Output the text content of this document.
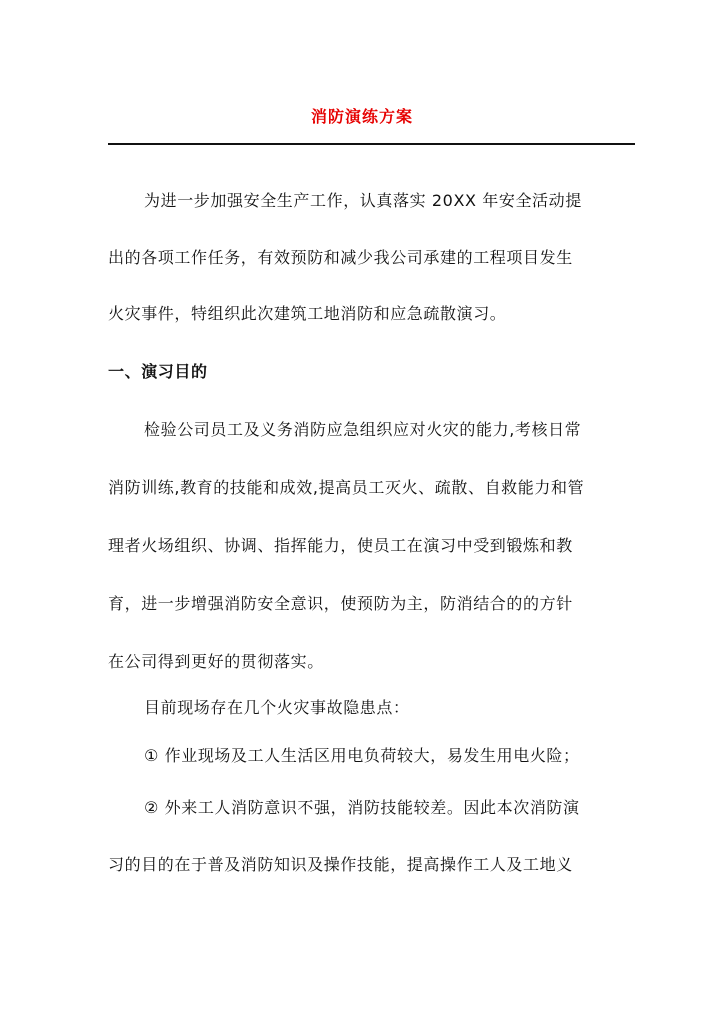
消防演练方案
为进一步加强安全生产工作，认真落实 20XX 年安全活动提
出的各项工作任务，有效预防和减少我公司承建的工程项目发生
火灾事件，特组织此次建筑工地消防和应急疏散演习。
一、演习目的
检验公司员工及义务消防应急组织应对火灾的能力,考核日常
消防训练,教育的技能和成效,提高员工灭火、疏散、自救能力和管
理者火场组织、协调、指挥能力，使员工在演习中受到锻炼和教
育，进一步增强消防安全意识，使预防为主，防消结合的的方针
在公司得到更好的贯彻落实。
目前现场存在几个火灾事故隐患点：
① 作业现场及工人生活区用电负荷较大，易发生用电火险；
② 外来工人消防意识不强，消防技能较差。因此本次消防演
习的目的在于普及消防知识及操作技能，提高操作工人及工地义
